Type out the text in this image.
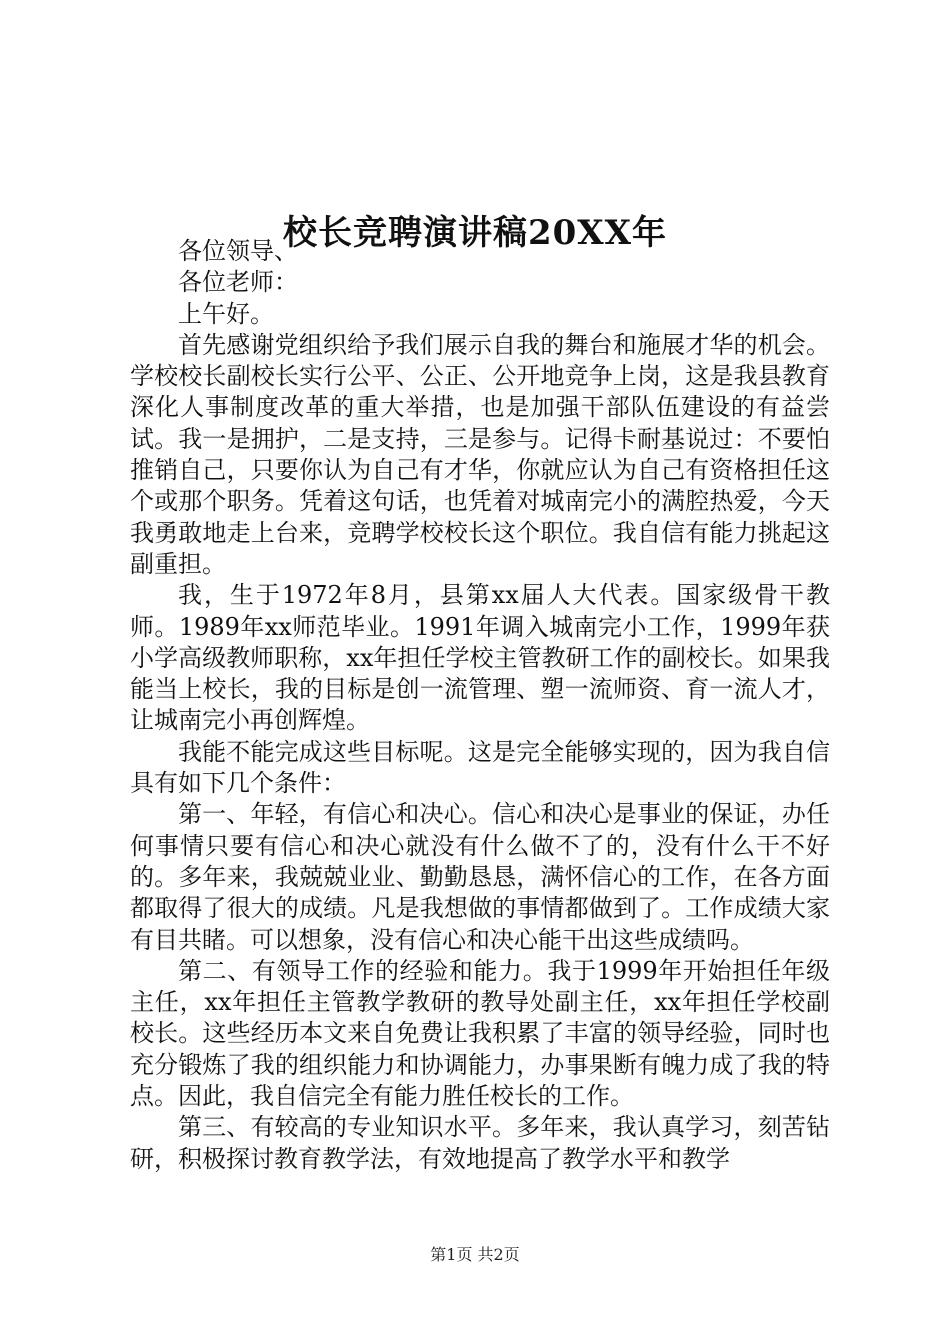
校长竞聘演讲稿20XX年

各位领导、

各位老师：

上午好。

首先感谢党组织给予我们展示自我的舞台和施展才华的机会。学校校长副校长实行公平、公正、公开地竞争上岗，这是我县教育深化人事制度改革的重大举措，也是加强干部队伍建设的有益尝试。我一是拥护，二是支持，三是参与。记得卡耐基说过：不要怕推销自己，只要你认为自己有才华，你就应认为自己有资格担任这个或那个职务。凭着这句话，也凭着对城南完小的满腔热爱，今天我勇敢地走上台来，竞聘学校校长这个职位。我自信有能力挑起这副重担。

我，生于1972年8月，县第xx届人大代表。国家级骨干教师。1989年xx师范毕业。1991年调入城南完小工作，1999年获小学高级教师职称，xx年担任学校主管教研工作的副校长。如果我能当上校长，我的目标是创一流管理、塑一流师资、育一流人才，让城南完小再创辉煌。

我能不能完成这些目标呢。这是完全能够实现的，因为我自信具有如下几个条件：

第一、年轻，有信心和决心。信心和决心是事业的保证，办任何事情只要有信心和决心就没有什么做不了的，没有什么干不好的。多年来，我兢兢业业、勤勤恳恳，满怀信心的工作，在各方面都取得了很大的成绩。凡是我想做的事情都做到了。工作成绩大家有目共睹。可以想象，没有信心和决心能干出这些成绩吗。

第二、有领导工作的经验和能力。我于1999年开始担任年级主任，xx年担任主管教学教研的教导处副主任，xx年担任学校副校长。这些经历本文来自免费让我积累了丰富的领导经验，同时也充分锻炼了我的组织能力和协调能力，办事果断有魄力成了我的特点。因此，我自信完全有能力胜任校长的工作。

第三、有较高的专业知识水平。多年来，我认真学习，刻苦钻研，积极探讨教育教学法，有效地提高了教学水平和教学

第1页 共2页
